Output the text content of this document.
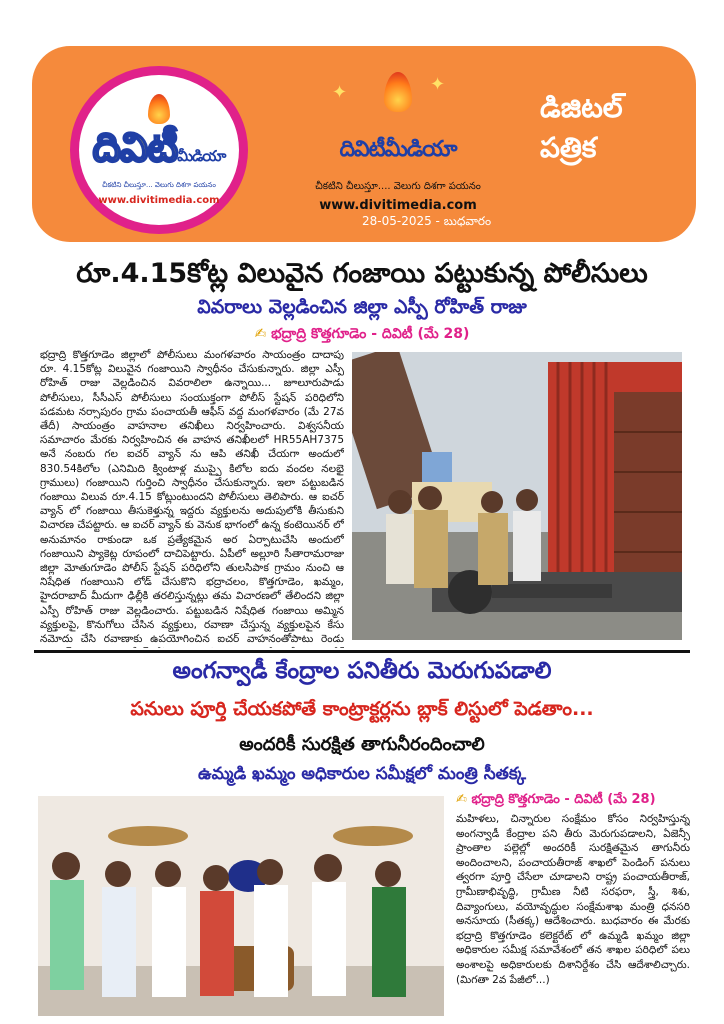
దివిటీమీడియా
చీకటిని చీలుస్తూ... వెలుగు దిశగా పయనం
www.divitimedia.com
దివిటీమీడియా
చీకటిని చీలుస్తూ.... వెలుగు దిశగా పయనం
www.divitimedia.com
✦	✦
డిజిటల్
పత్రిక
28-05-2025 - బుధవారం
రూ.4.15కోట్ల విలువైన గంజాయి పట్టుకున్న పోలీసులు
వివరాలు వెల్లడించిన జిల్లా ఎస్పీ రోహిత్ రాజు
✍ భద్రాద్రి కొత్తగూడెం - దివిటీ (మే 28)
భద్రాద్రి కొత్తగూడెం జిల్లాలో పోలీసులు మంగళవారం సాయంత్రం దాదాపు రూ. 4.15కోట్ల విలువైన గంజాయిని స్వాధీనం చేసుకున్నారు. జిల్లా ఎస్పీ రోహిత్ రాజు వెల్లడించిన వివరాలిలా ఉన్నాయి... జూలూరుపాడు పోలీసులు, సీసీఎస్ పోలీసులు సంయుక్తంగా పోలీస్ స్టేషన్ పరిధిలోని పడమట నర్సాపురం గ్రామ పంచాయతీ ఆఫీస్ వద్ద మంగళవారం (మే 27వ తేదీ) సాయంత్రం వాహనాల తనిఖీలు నిర్వహించారు. విశ్వసనీయ సమాచారం మేరకు నిర్వహించిన ఈ వాహన తనిఖీలలో HR55AH7375 అనే నంబరు గల ఐచర్ వ్యాన్ ను ఆపి తనిఖీ చేయగా అందులో 830.54కిలోల (ఎనిమిది క్వింటాళ్ల ముప్పై కిలోల ఐదు వందల నలభై గ్రాములు) గంజాయిని గుర్తించి స్వాధీనం చేసుకున్నారు. ఇలా పట్టుబడిన గంజాయి విలువ రూ.4.15 కోట్లుంటుందని పోలీసులు తెలిపారు. ఆ ఐచర్ వ్యాన్ లో గంజాయి తీసుకెళ్తున్న ఇద్దరు వ్యక్తులను అదుపులోకి తీసుకుని విచారణ చేపట్టారు. ఆ ఐచర్ వ్యాన్ కు వెనుక భాగంలో ఉన్న కంటెయినర్ లో అనుమానం రాకుండా ఒక ప్రత్యేకమైన అర ఏర్పాటుచేసి అందులో గంజాయిని ప్యాకెట్ల రూపంలో దాచిపెట్టారు. ఏపీలో అల్లూరి సీతారామరాజు జిల్లా మోతుగూడెం పోలీస్ స్టేషన్ పరిధిలోని తులసిపాక గ్రామం నుంచి ఆ నిషేధిత గంజాయిని లోడ్ చేసుకొని భద్రాచలం, కొత్తగూడెం, ఖమ్మం, హైదరాబాద్ మీదుగా ఢిల్లీకి తరలిస్తున్నట్లు తమ విచారణలో తేలిందని జిల్లా ఎస్పీ రోహిత్ రాజు వెల్లడించారు. పట్టుబడిన నిషేధిత గంజాయి అమ్మిన వ్యక్తులపై, కొనుగోలు చేసిన వ్యక్తులు, రవాణా చేస్తున్న వ్యక్తులపైన కేసు నమోదు చేసి రవాణాకు ఉపయోగించిన ఐచర్ వాహనంతోపాటు రెండు
అంగన్వాడీ కేంద్రాల పనితీరు మెరుగుపడాలి
పనులు పూర్తి చేయకపోతే కాంట్రాక్టర్లను బ్లాక్ లిస్టులో పెడతాం...
అందరికీ సురక్షిత తాగునీరందించాలి
ఉమ్మడి ఖమ్మం అధికారుల సమీక్షలో మంత్రి సీతక్క
✍ భద్రాద్రి కొత్తగూడెం - దివిటీ (మే 28)
మహిళలు, చిన్నారుల సంక్షేమం కోసం నిర్వహిస్తున్న అంగన్వాడీ కేంద్రాల పని తీరు మెరుగుపడాలని, ఏజెన్సీ ప్రాంతాల పల్లెల్లో అందరికీ సురక్షితమైన తాగునీరు అందించాలని, పంచాయతీరాజ్ శాఖలో పెండింగ్ పనులు త్వరగా పూర్తి చేసేలా చూడాలని రాష్ట్ర పంచాయతీరాజ్, గ్రామీణాభివృద్ధి, గ్రామీణ నీటి సరఫరా, స్త్రీ, శిశు, దివ్యాంగులు, వయోవృద్ధుల సంక్షేమశాఖ మంత్రి ధనసరి అనసూయ (సీతక్క) ఆదేశించారు. బుధవారం ఈ మేరకు భద్రాద్రి కొత్తగూడెం కలెక్టరేట్ లో ఉమ్మడి ఖమ్మం జిల్లా అధికారుల సమీక్ష సమావేశంలో తన శాఖల పరిధిలో పలు అంశాలపై అధికారులకు దిశానిర్దేశం చేసి ఆదేశాలిచ్చారు. (మిగతా 2వ పేజీలో...)
